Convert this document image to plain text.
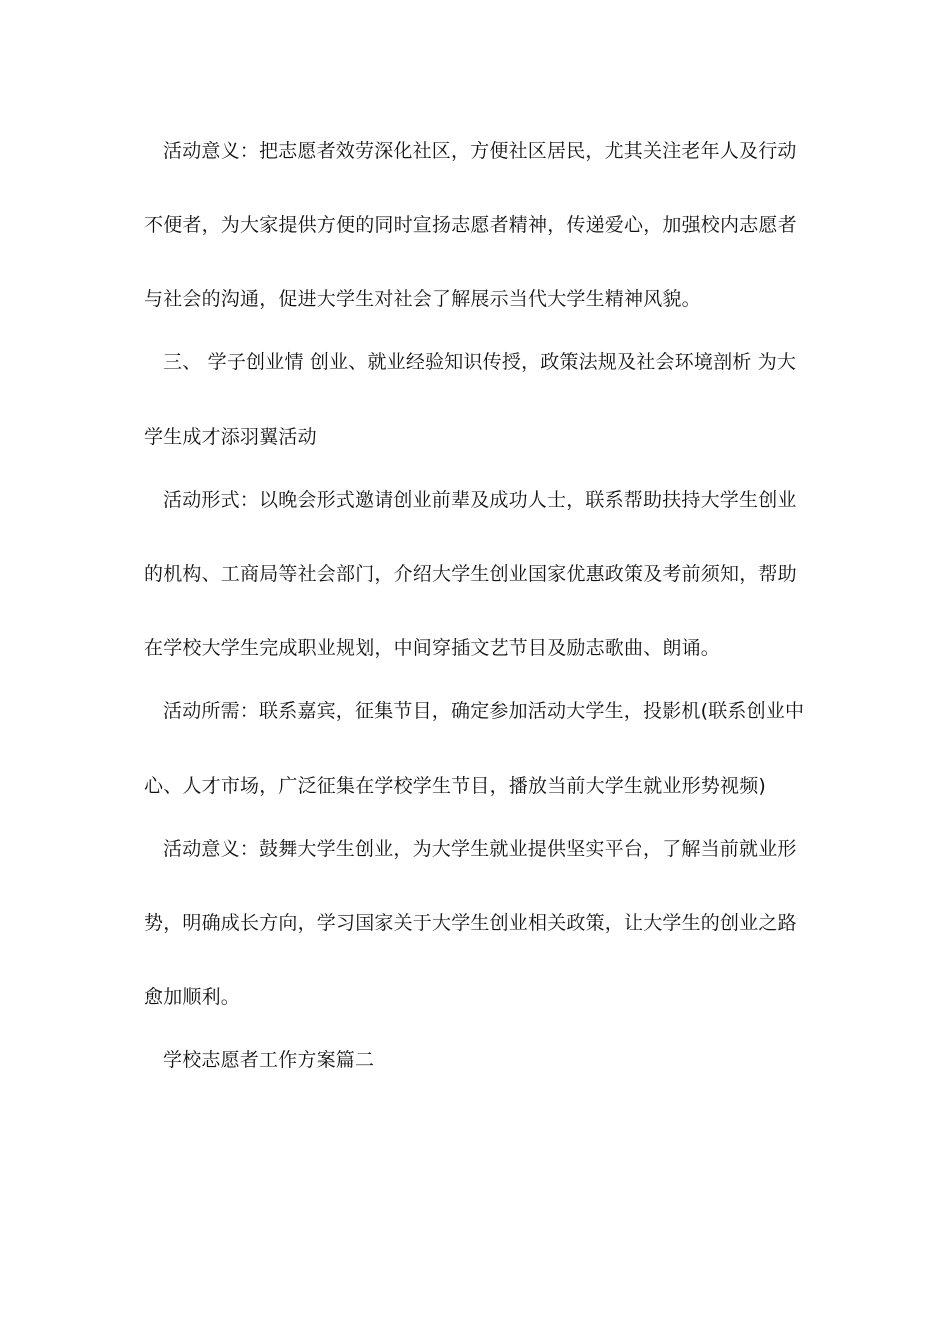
活动意义：把志愿者效劳深化社区，方便社区居民，尤其关注老年人及行动
不便者，为大家提供方便的同时宣扬志愿者精神，传递爱心，加强校内志愿者
与社会的沟通，促进大学生对社会了解展示当代大学生精神风貌。
三、 学子创业情 创业、就业经验知识传授，政策法规及社会环境剖析 为大
学生成才添羽翼活动
活动形式：以晚会形式邀请创业前辈及成功人士，联系帮助扶持大学生创业
的机构、工商局等社会部门，介绍大学生创业国家优惠政策及考前须知，帮助
在学校大学生完成职业规划，中间穿插文艺节目及励志歌曲、朗诵。
活动所需：联系嘉宾，征集节目，确定参加活动大学生，投影机(联系创业中
心、人才市场，广泛征集在学校学生节目，播放当前大学生就业形势视频)
活动意义：鼓舞大学生创业，为大学生就业提供坚实平台，了解当前就业形
势，明确成长方向，学习国家关于大学生创业相关政策，让大学生的创业之路
愈加顺利。
学校志愿者工作方案篇二
